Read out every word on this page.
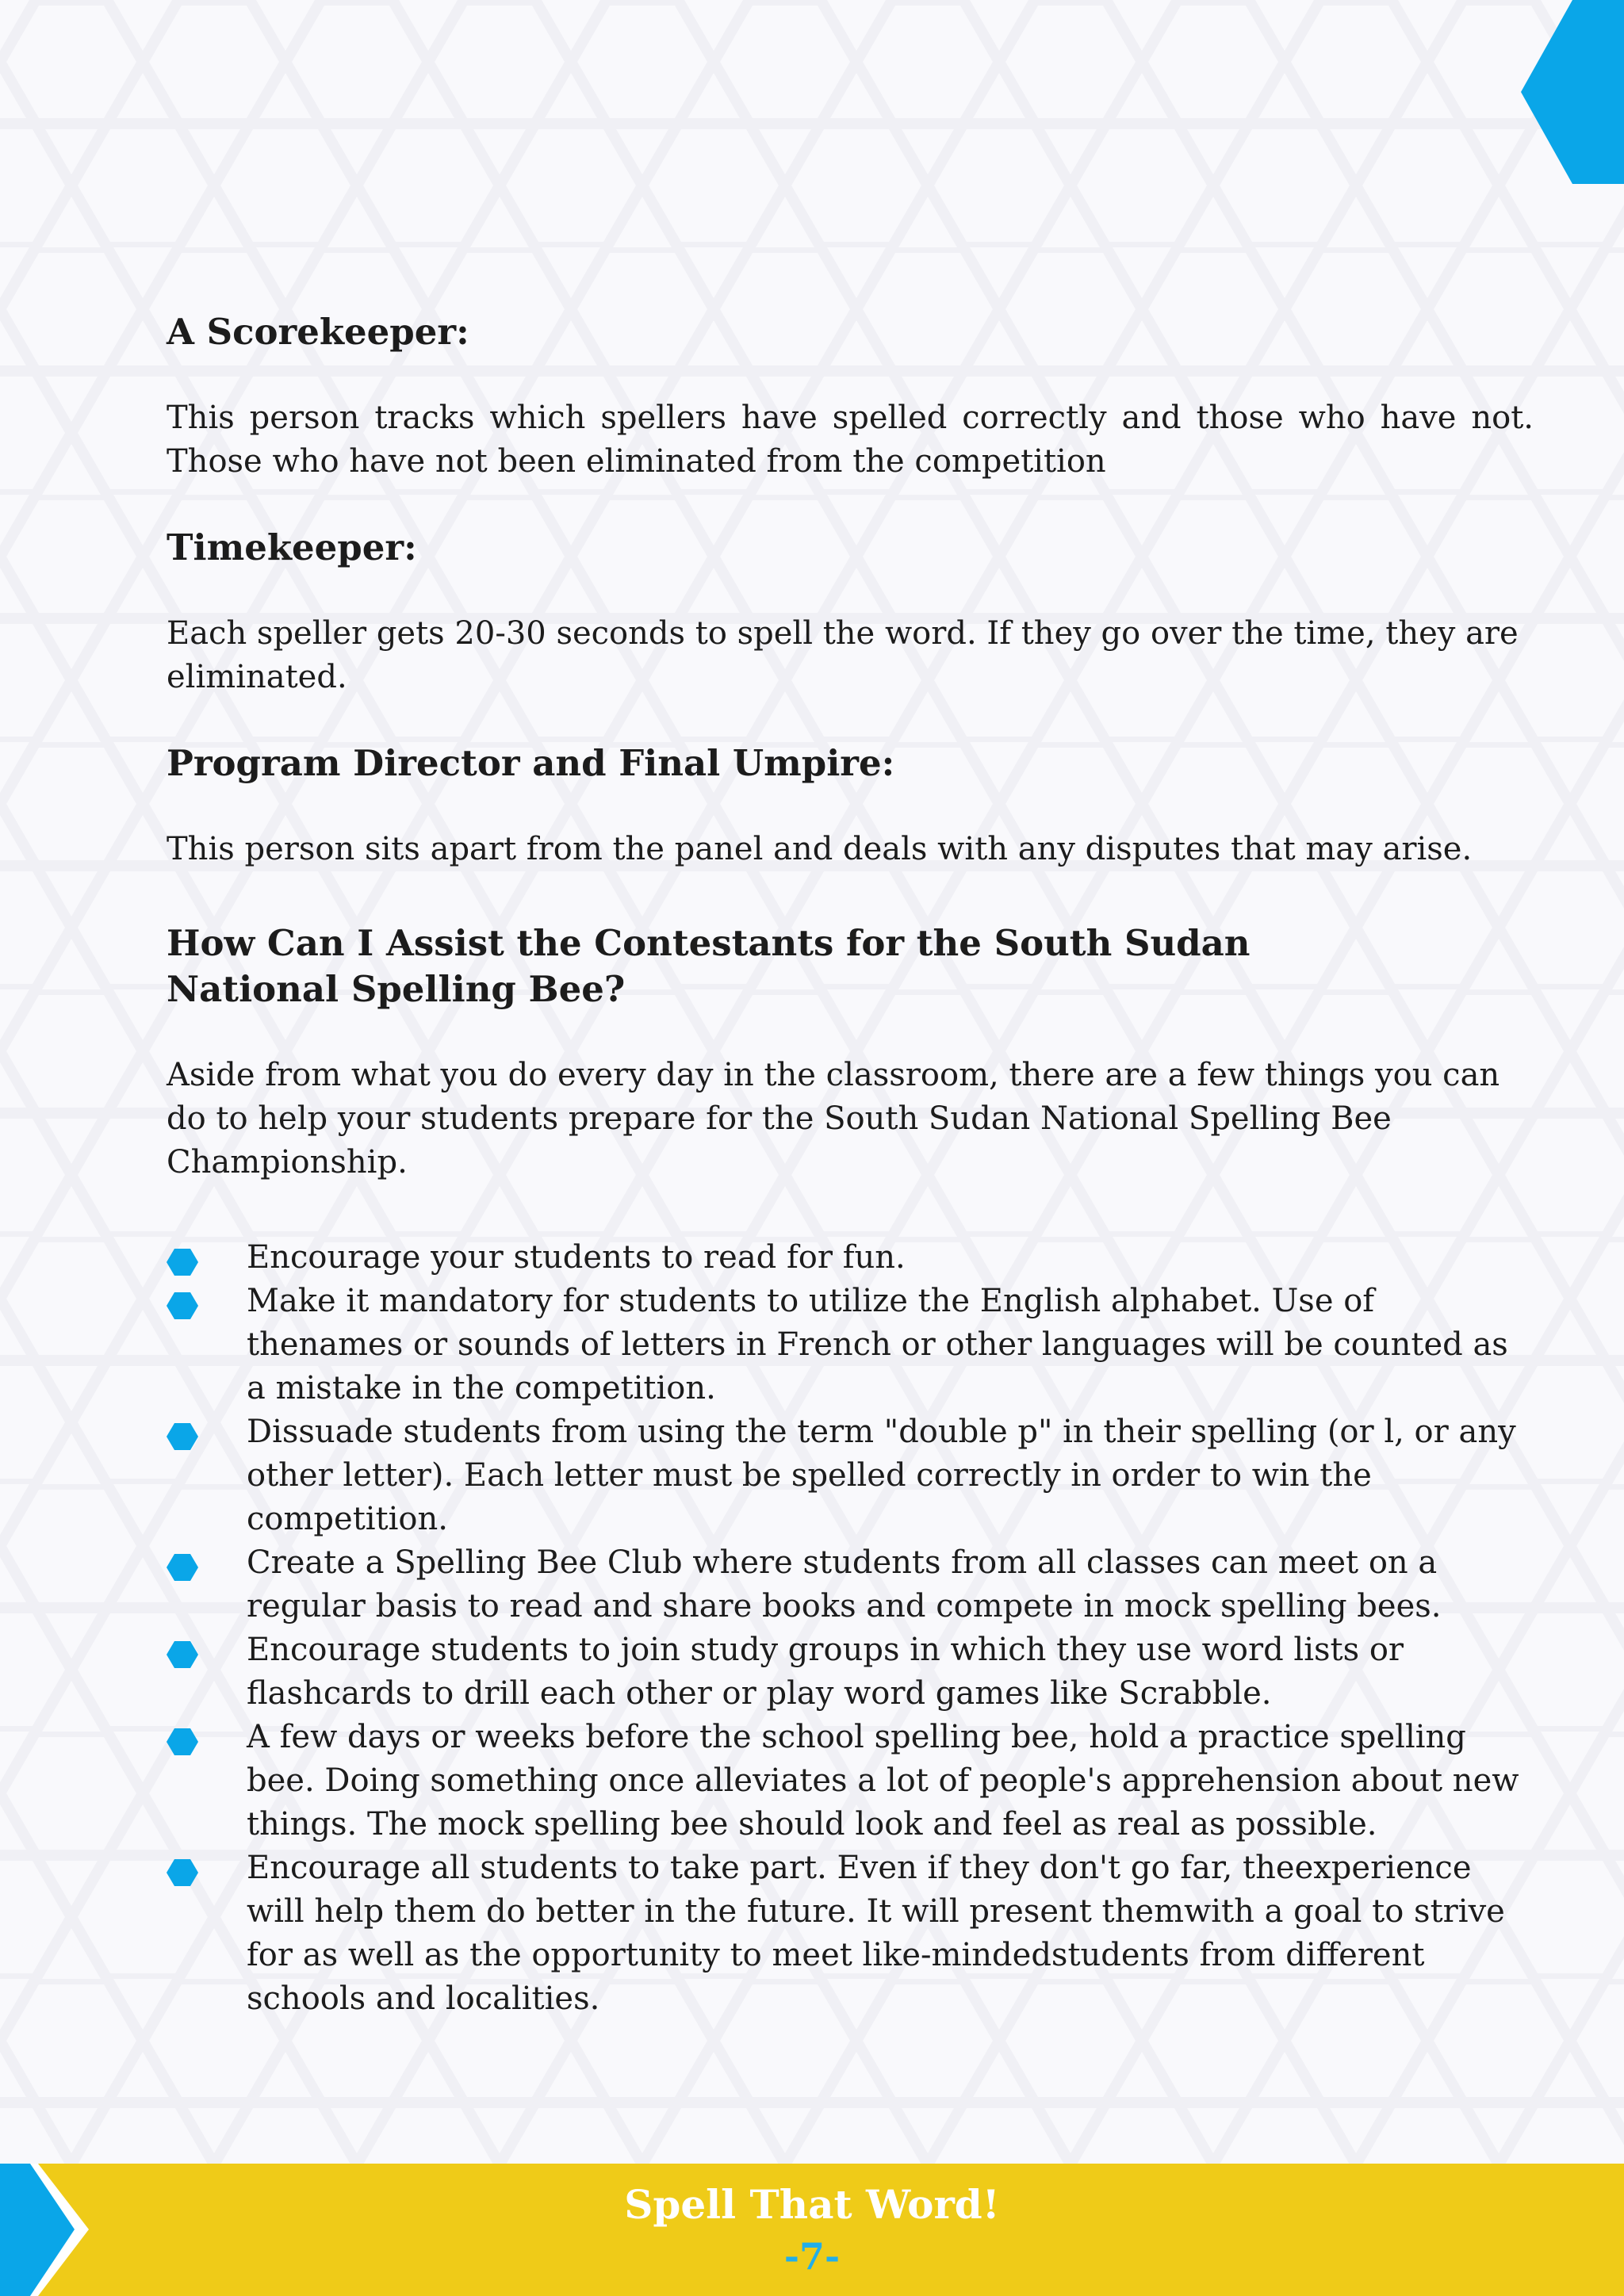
A Scorekeeper:

This person tracks which spellers have spelled correctly and those who have not. Those who have not been eliminated from the competition

Timekeeper:

Each speller gets 20-30 seconds to spell the word. If they go over the time, they are eliminated.

Program Director and Final Umpire:

This person sits apart from the panel and deals with any disputes that may arise.

How Can I Assist the Contestants for the South Sudan National Spelling Bee?

Aside from what you do every day in the classroom, there are a few things you can do to help your students prepare for the South Sudan National Spelling Bee Championship.

Encourage your students to read for fun.
Make it mandatory for students to utilize the English alphabet. Use of thenames or sounds of letters in French or other languages will be counted as a mistake in the competition.
Dissuade students from using the term "double p" in their spelling (or l, or any other letter). Each letter must be spelled correctly in order to win the competition.
Create a Spelling Bee Club where students from all classes can meet on a regular basis to read and share books and compete in mock spelling bees.
Encourage students to join study groups in which they use word lists or flashcards to drill each other or play word games like Scrabble.
A few days or weeks before the school spelling bee, hold a practice spelling bee. Doing something once alleviates a lot of people's apprehension about new things. The mock spelling bee should look and feel as real as possible.
Encourage all students to take part. Even if they don't go far, theexperience will help them do better in the future. It will present themwith a goal to strive for as well as the opportunity to meet like-mindedstudents from different schools and localities.
Spell That Word!
-7-
